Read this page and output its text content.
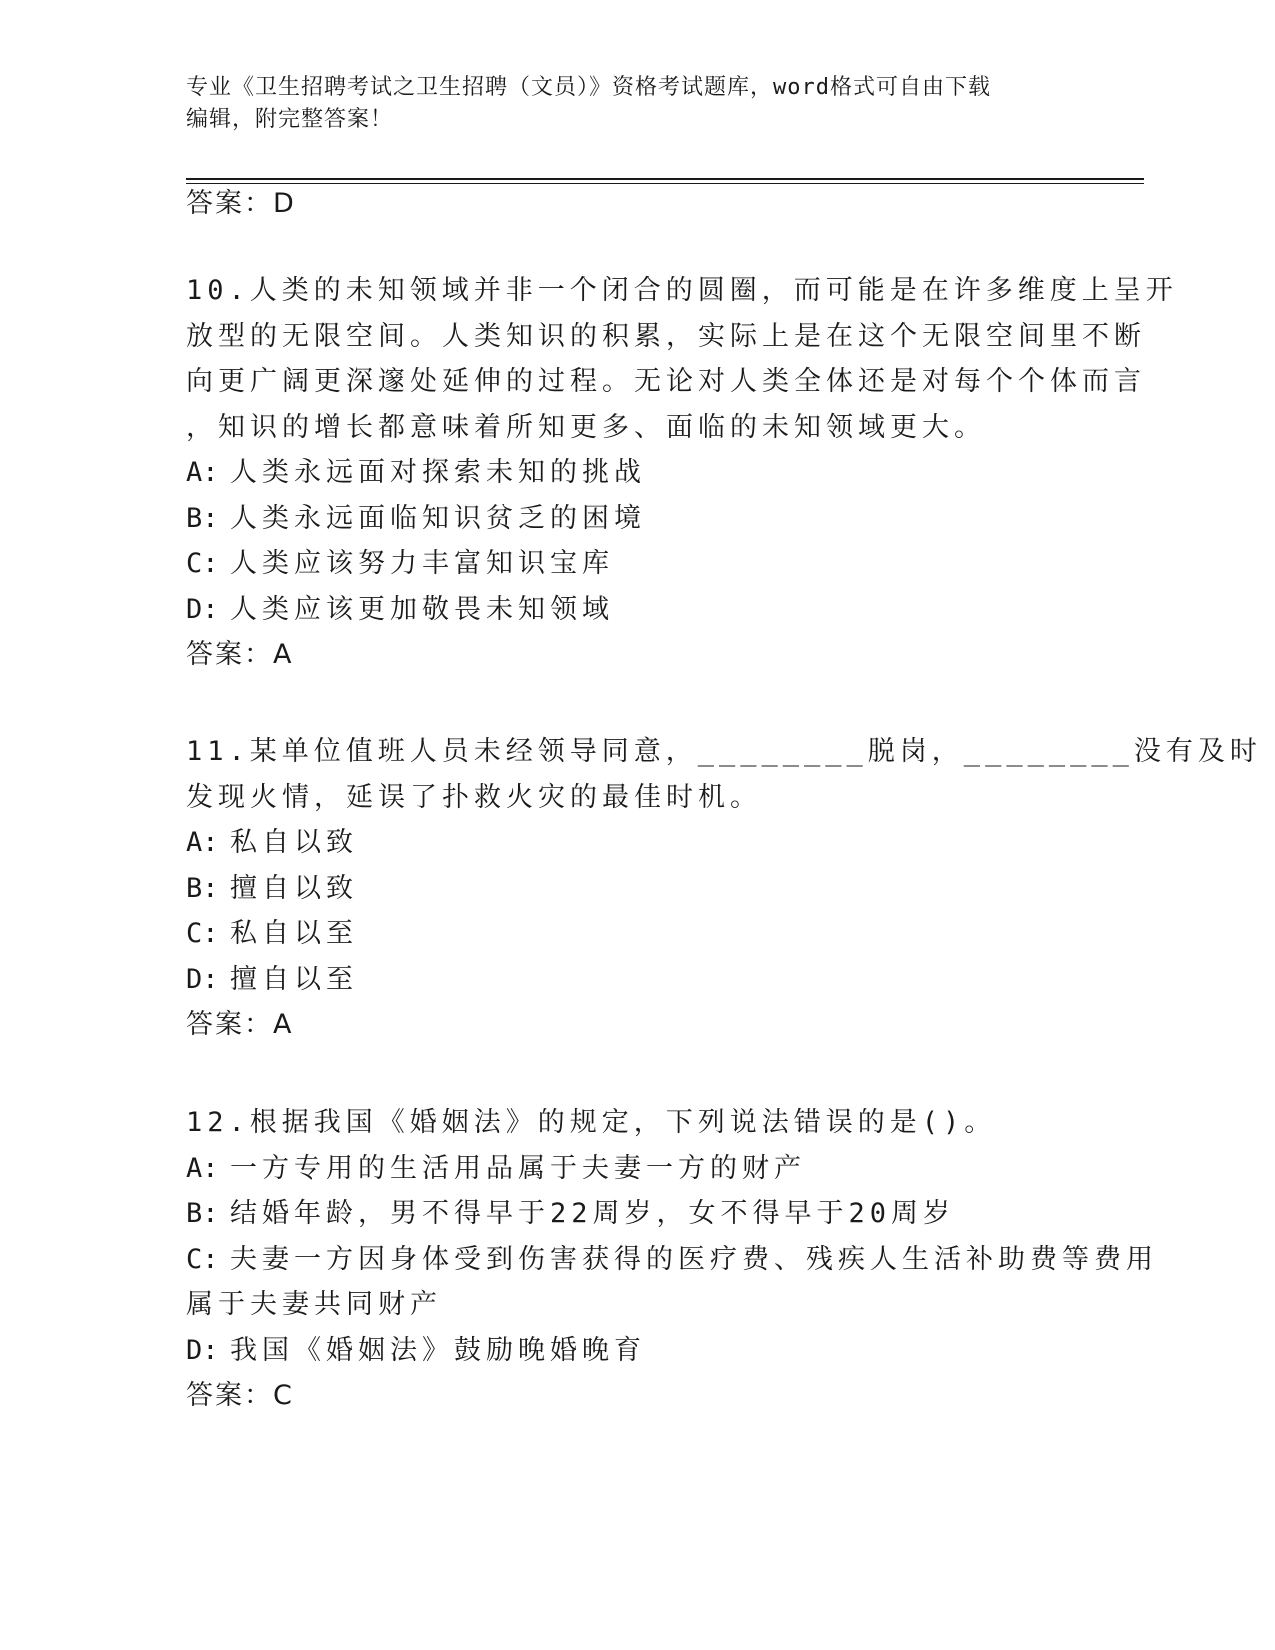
专业《卫生招聘考试之卫生招聘（文员）》资格考试题库，word格式可自由下载
编辑，附完整答案！
答案：D
10.人类的未知领域并非一个闭合的圆圈，而可能是在许多维度上呈开
放型的无限空间。人类知识的积累，实际上是在这个无限空间里不断
向更广阔更深邃处延伸的过程。无论对人类全体还是对每个个体而言
，知识的增长都意味着所知更多、面临的未知领域更大。
A: 人类永远面对探索未知的挑战
B: 人类永远面临知识贫乏的困境
C: 人类应该努力丰富知识宝库
D: 人类应该更加敬畏未知领域
答案：A
11.某单位值班人员未经领导同意，________脱岗，________没有及时
发现火情，延误了扑救火灾的最佳时机。
A: 私自以致
B: 擅自以致
C: 私自以至
D: 擅自以至
答案：A
12.根据我国《婚姻法》的规定，下列说法错误的是()。
A: 一方专用的生活用品属于夫妻一方的财产
B: 结婚年龄，男不得早于22周岁，女不得早于20周岁
C: 夫妻一方因身体受到伤害获得的医疗费、残疾人生活补助费等费用
属于夫妻共同财产
D: 我国《婚姻法》鼓励晚婚晚育
答案：C
